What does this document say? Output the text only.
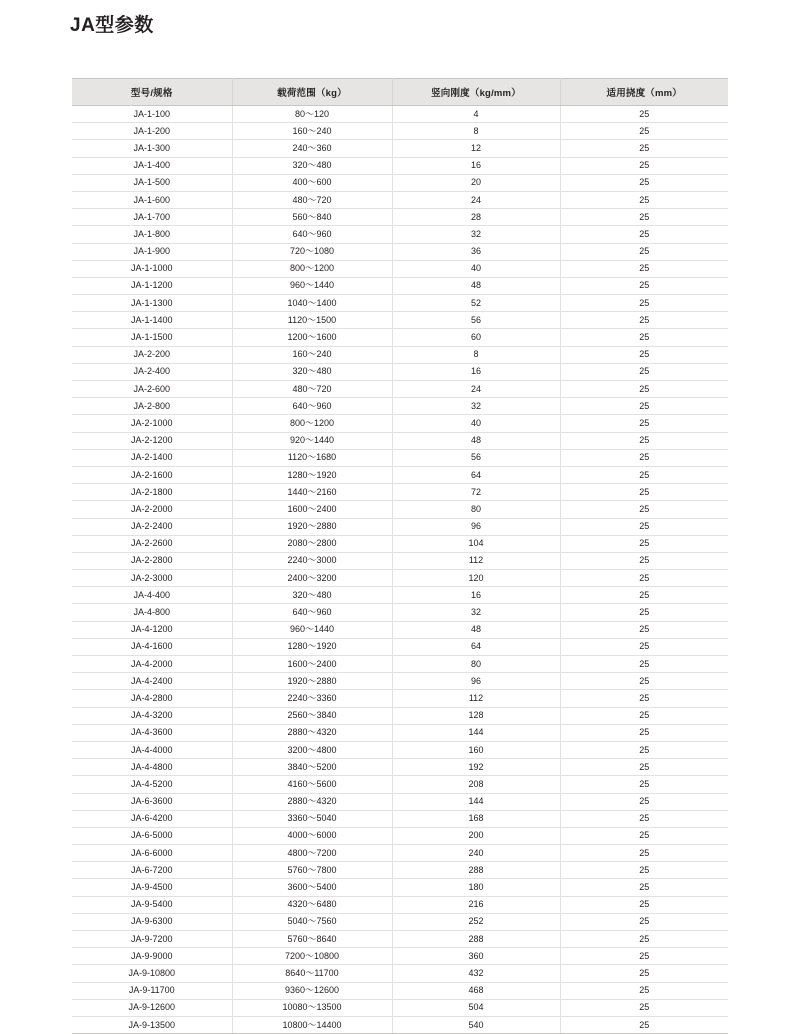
JA型参数
型号/规格	载荷范围（kg）	竖向刚度（kg/mm）	适用挠度（mm）
JA-1-100	80～120	4	25
JA-1-200	160～240	8	25
JA-1-300	240～360	12	25
JA-1-400	320～480	16	25
JA-1-500	400～600	20	25
JA-1-600	480～720	24	25
JA-1-700	560～840	28	25
JA-1-800	640～960	32	25
JA-1-900	720～1080	36	25
JA-1-1000	800～1200	40	25
JA-1-1200	960～1440	48	25
JA-1-1300	1040～1400	52	25
JA-1-1400	1120～1500	56	25
JA-1-1500	1200～1600	60	25
JA-2-200	160～240	8	25
JA-2-400	320～480	16	25
JA-2-600	480～720	24	25
JA-2-800	640～960	32	25
JA-2-1000	800～1200	40	25
JA-2-1200	920～1440	48	25
JA-2-1400	1120～1680	56	25
JA-2-1600	1280～1920	64	25
JA-2-1800	1440～2160	72	25
JA-2-2000	1600～2400	80	25
JA-2-2400	1920～2880	96	25
JA-2-2600	2080～2800	104	25
JA-2-2800	2240～3000	112	25
JA-2-3000	2400～3200	120	25
JA-4-400	320～480	16	25
JA-4-800	640～960	32	25
JA-4-1200	960～1440	48	25
JA-4-1600	1280～1920	64	25
JA-4-2000	1600～2400	80	25
JA-4-2400	1920～2880	96	25
JA-4-2800	2240～3360	112	25
JA-4-3200	2560～3840	128	25
JA-4-3600	2880～4320	144	25
JA-4-4000	3200～4800	160	25
JA-4-4800	3840～5200	192	25
JA-4-5200	4160～5600	208	25
JA-6-3600	2880～4320	144	25
JA-6-4200	3360～5040	168	25
JA-6-5000	4000～6000	200	25
JA-6-6000	4800～7200	240	25
JA-6-7200	5760～7800	288	25
JA-9-4500	3600～5400	180	25
JA-9-5400	4320～6480	216	25
JA-9-6300	5040～7560	252	25
JA-9-7200	5760～8640	288	25
JA-9-9000	7200～10800	360	25
JA-9-10800	8640～11700	432	25
JA-9-11700	9360～12600	468	25
JA-9-12600	10080～13500	504	25
JA-9-13500	10800～14400	540	25
